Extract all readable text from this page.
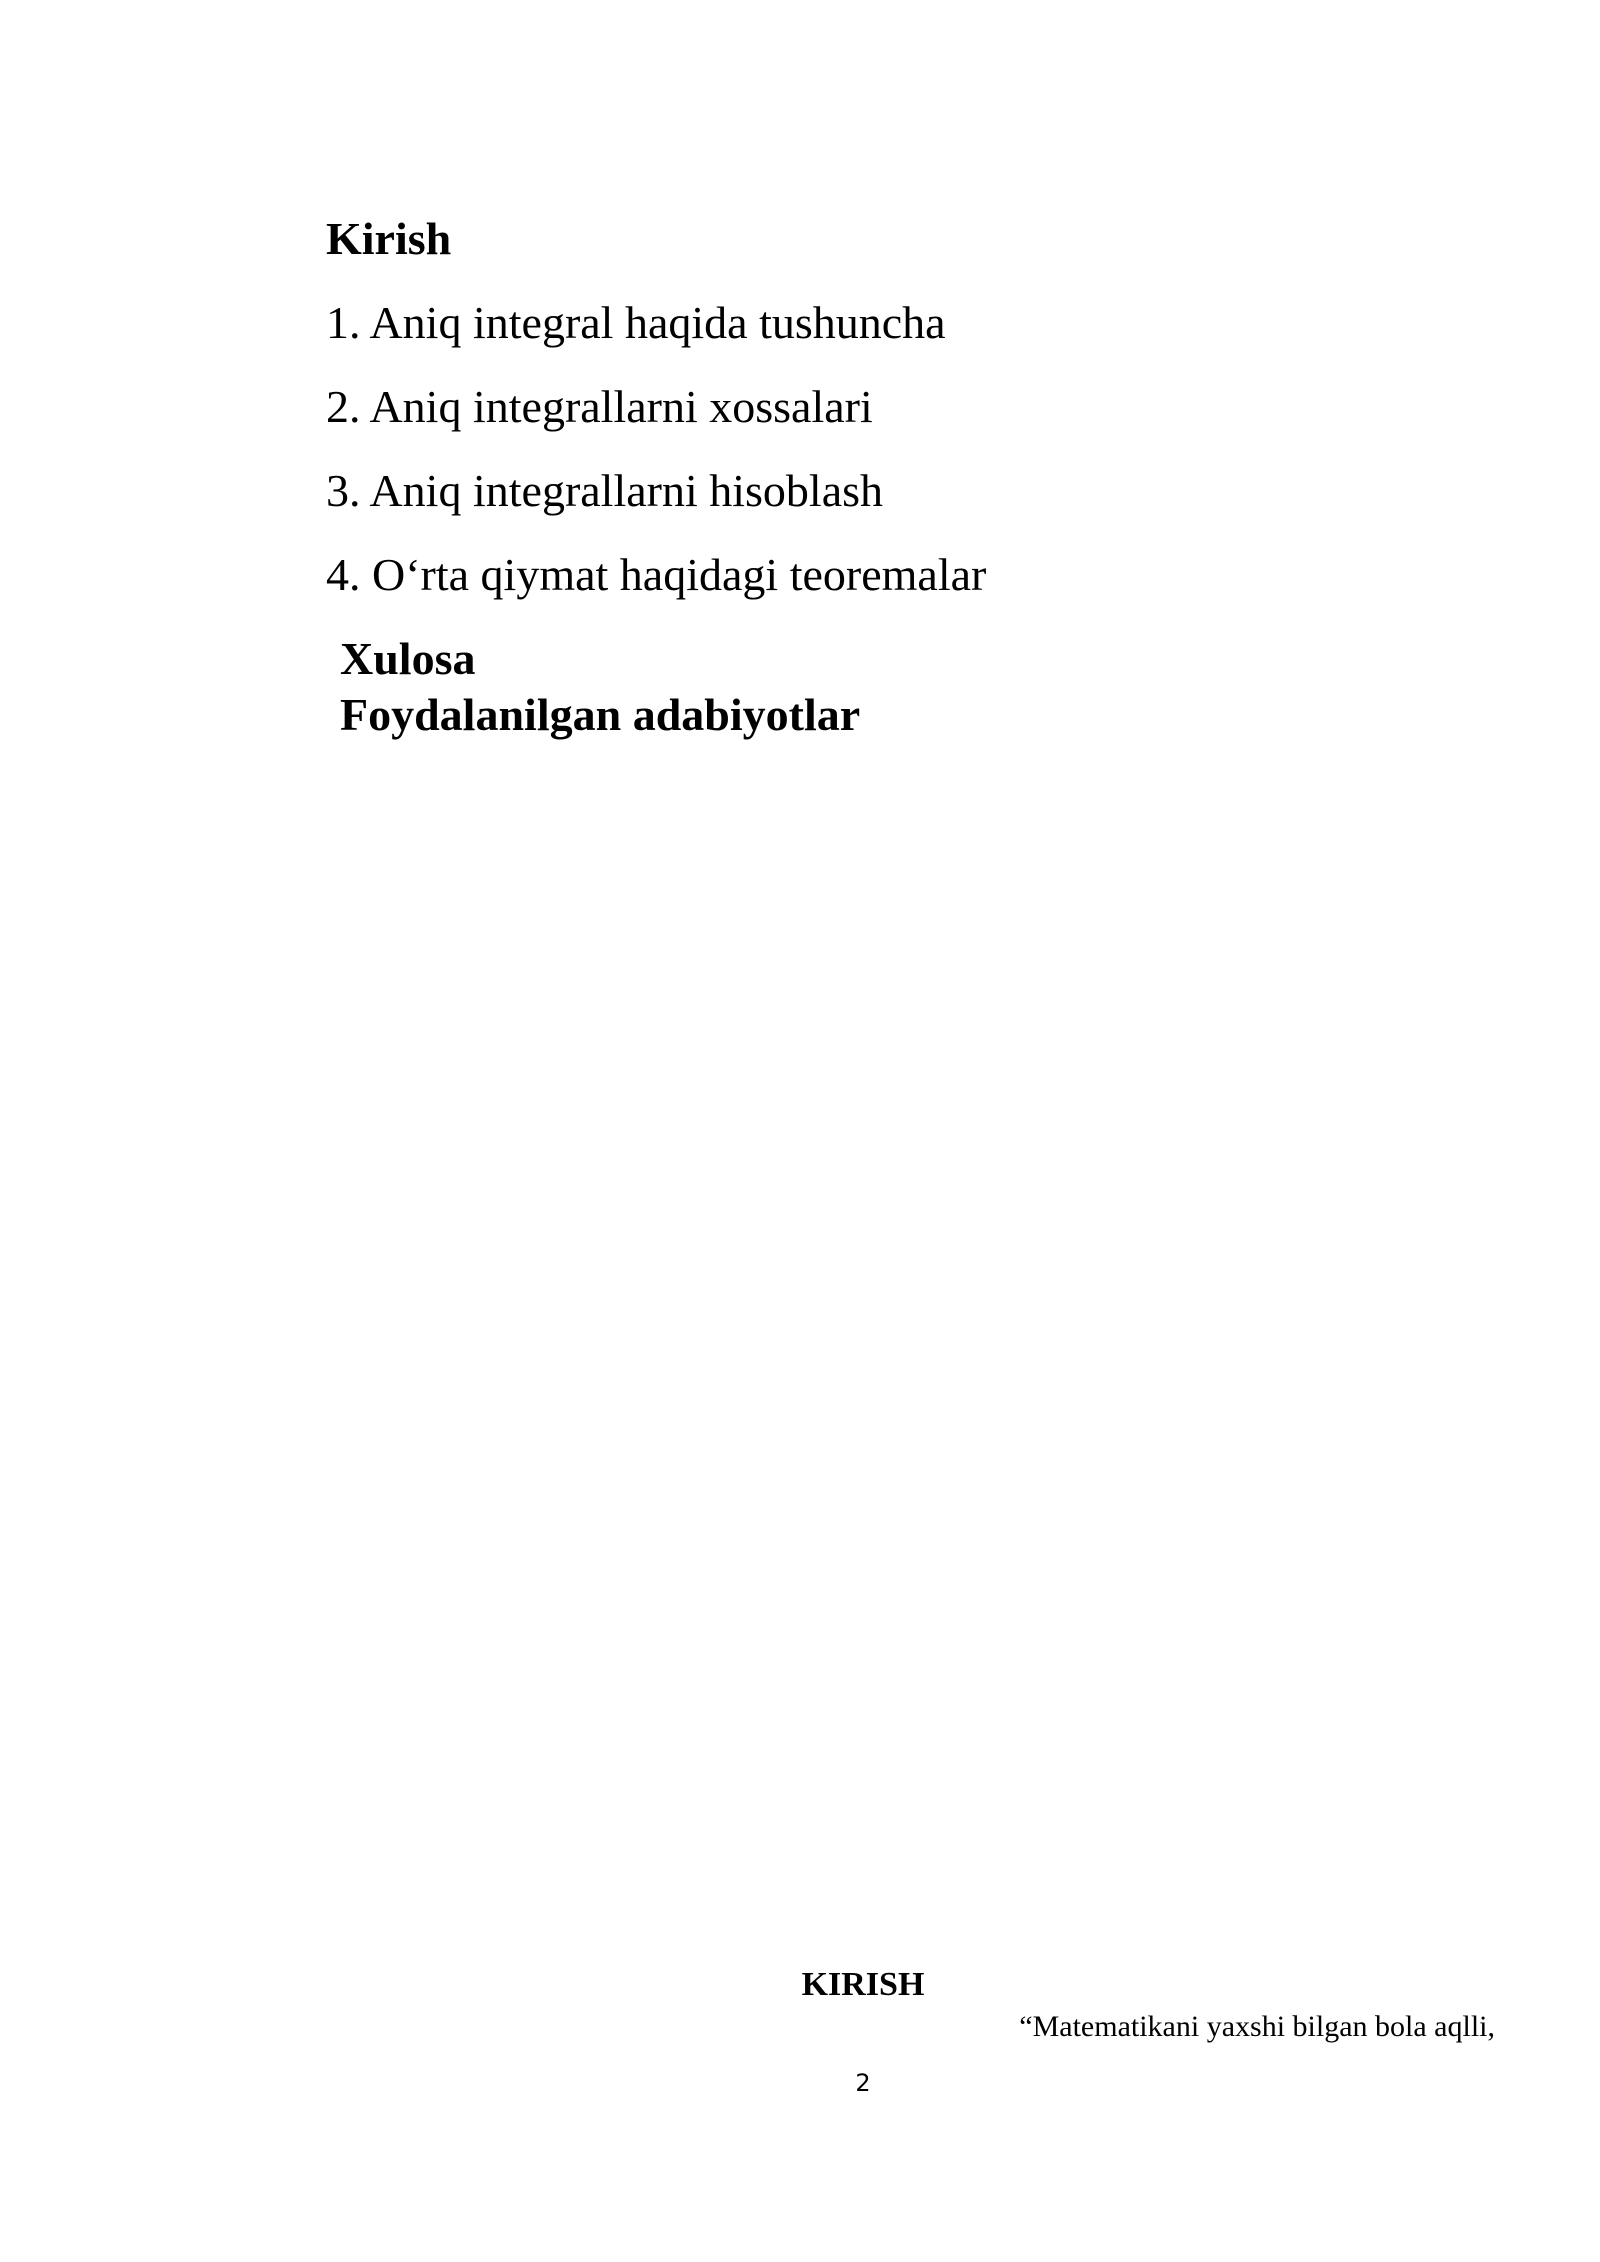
Kirish
1. Aniq integral haqida tushuncha
2. Aniq integrallarni xossalari
3. Aniq integrallarni hisoblash
4. O‘rta qiymat haqidagi teoremalar
Xulosa
Foydalanilgan adabiyotlar
KIRISH
“Matematikani yaxshi bilgan bola aqlli,
2
